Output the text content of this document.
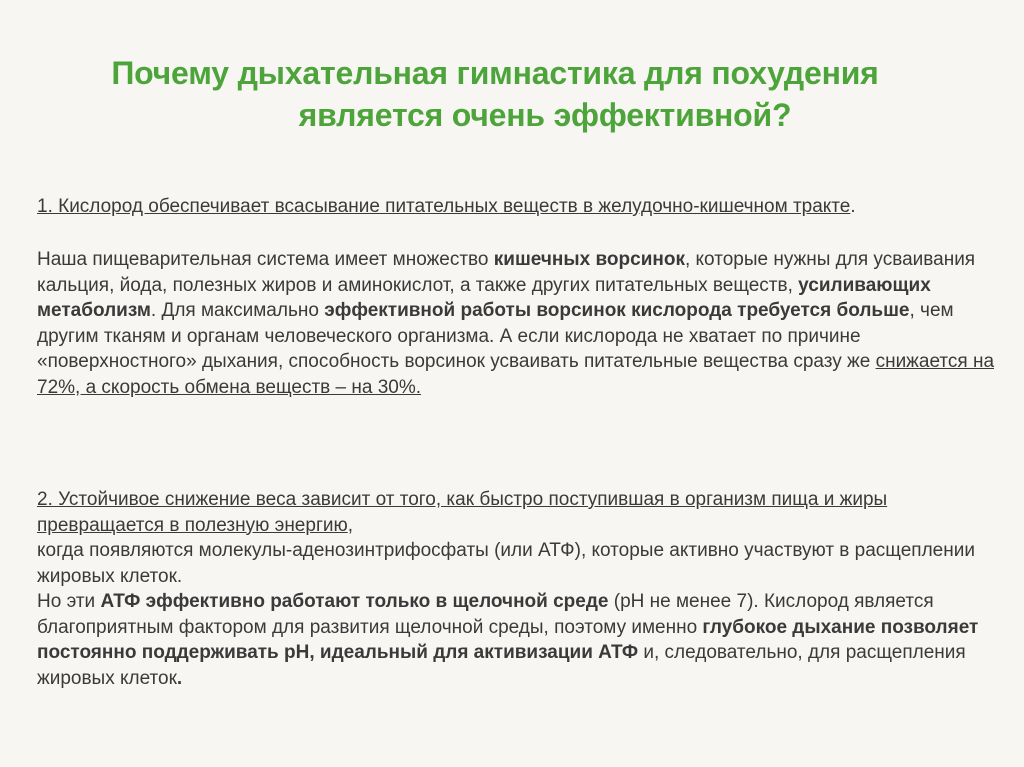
Почему дыхательная гимнастика для похудения
является очень эффективной?

1. Кислород обеспечивает всасывание питательных веществ в желудочно-кишечном тракте.

Наша пищеварительная система имеет множество кишечных ворсинок, которые нужны для усваивания кальция, йода, полезных жиров и аминокислот, а также других питательных веществ, усиливающих метаболизм. Для максимально эффективной работы ворсинок кислорода требуется больше, чем другим тканям и органам человеческого организма. А если кислорода не хватает по причине «поверхностного» дыхания, способность ворсинок усваивать питательные вещества сразу же снижается на 72%, а скорость обмена веществ – на 30%.

2. Устойчивое снижение веса зависит от того, как быстро поступившая в организм пища и жиры превращается в полезную энергию,

когда появляются молекулы-аденозинтрифосфаты (или АТФ), которые активно участвуют в расщеплении жировых клеток.

Но эти АТФ эффективно работают только в щелочной среде (рН не менее 7). Кислород является благоприятным фактором для развития щелочной среды, поэтому именно глубокое дыхание позволяет постоянно поддерживать рН, идеальный для активизации АТФ и, следовательно, для расщепления жировых клеток.
